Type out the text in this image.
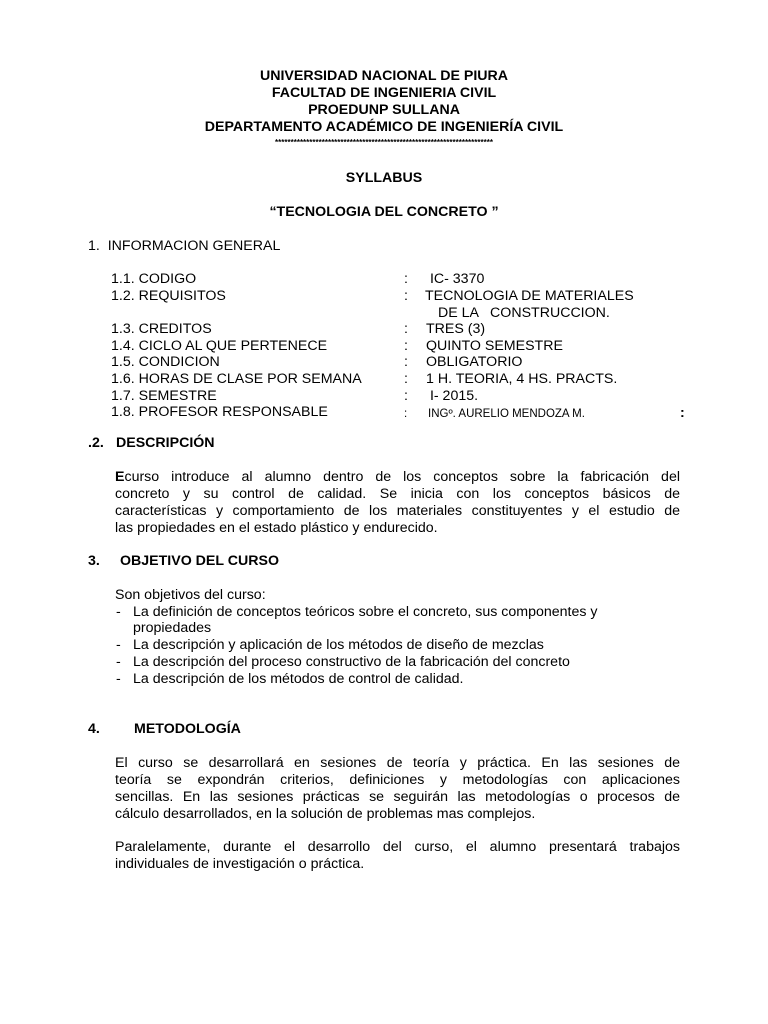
UNIVERSIDAD NACIONAL DE PIURA
FACULTAD DE INGENIERIA CIVIL
PROEDUNP SULLANA
DEPARTAMENTO ACADÉMICO DE INGENIERÍA CIVIL
**********************************************************************
SYLLABUS
“TECNOLOGIA DEL CONCRETO ”
1.  INFORMACION GENERAL
1.1. CODIGO	: IC- 3370
1.2. REQUISITOS	: TECNOLOGIA DE MATERIALES
DE LA   CONSTRUCCION.
1.3. CREDITOS	: TRES (3)
1.4. CICLO AL QUE PERTENECE	: QUINTO SEMESTRE
1.5. CONDICION	: OBLIGATORIO
1.6. HORAS DE CLASE POR SEMANA	: 1 H. TEORIA, 4 HS. PRACTS.
1.7. SEMESTRE	: I- 2015.
1.8. PROFESOR RESPONSABLE	: INGº. AURELIO MENDOZA M.	:
.2. DESCRIPCIÓN
Ecurso introduce al alumno dentro de los conceptos sobre la fabricación del
concreto y su control de calidad. Se inicia con los conceptos básicos de
características y comportamiento de los materiales constituyentes y el estudio de
las propiedades en el estado plástico y endurecido.
3. OBJETIVO DEL CURSO
Son objetivos del curso:
- La definición de conceptos teóricos sobre el concreto, sus componentes y
propiedades
- La descripción y aplicación de los métodos de diseño de mezclas
- La descripción del proceso constructivo de la fabricación del concreto
- La descripción de los métodos de control de calidad.
4. METODOLOGÍA
El curso se desarrollará en sesiones de teoría y práctica. En las sesiones de
teoría se expondrán criterios, definiciones y metodologías con aplicaciones
sencillas. En las sesiones prácticas se seguirán las metodologías o procesos de
cálculo desarrollados, en la solución de problemas mas complejos.
Paralelamente, durante el desarrollo del curso, el alumno presentará trabajos
individuales de investigación o práctica.
